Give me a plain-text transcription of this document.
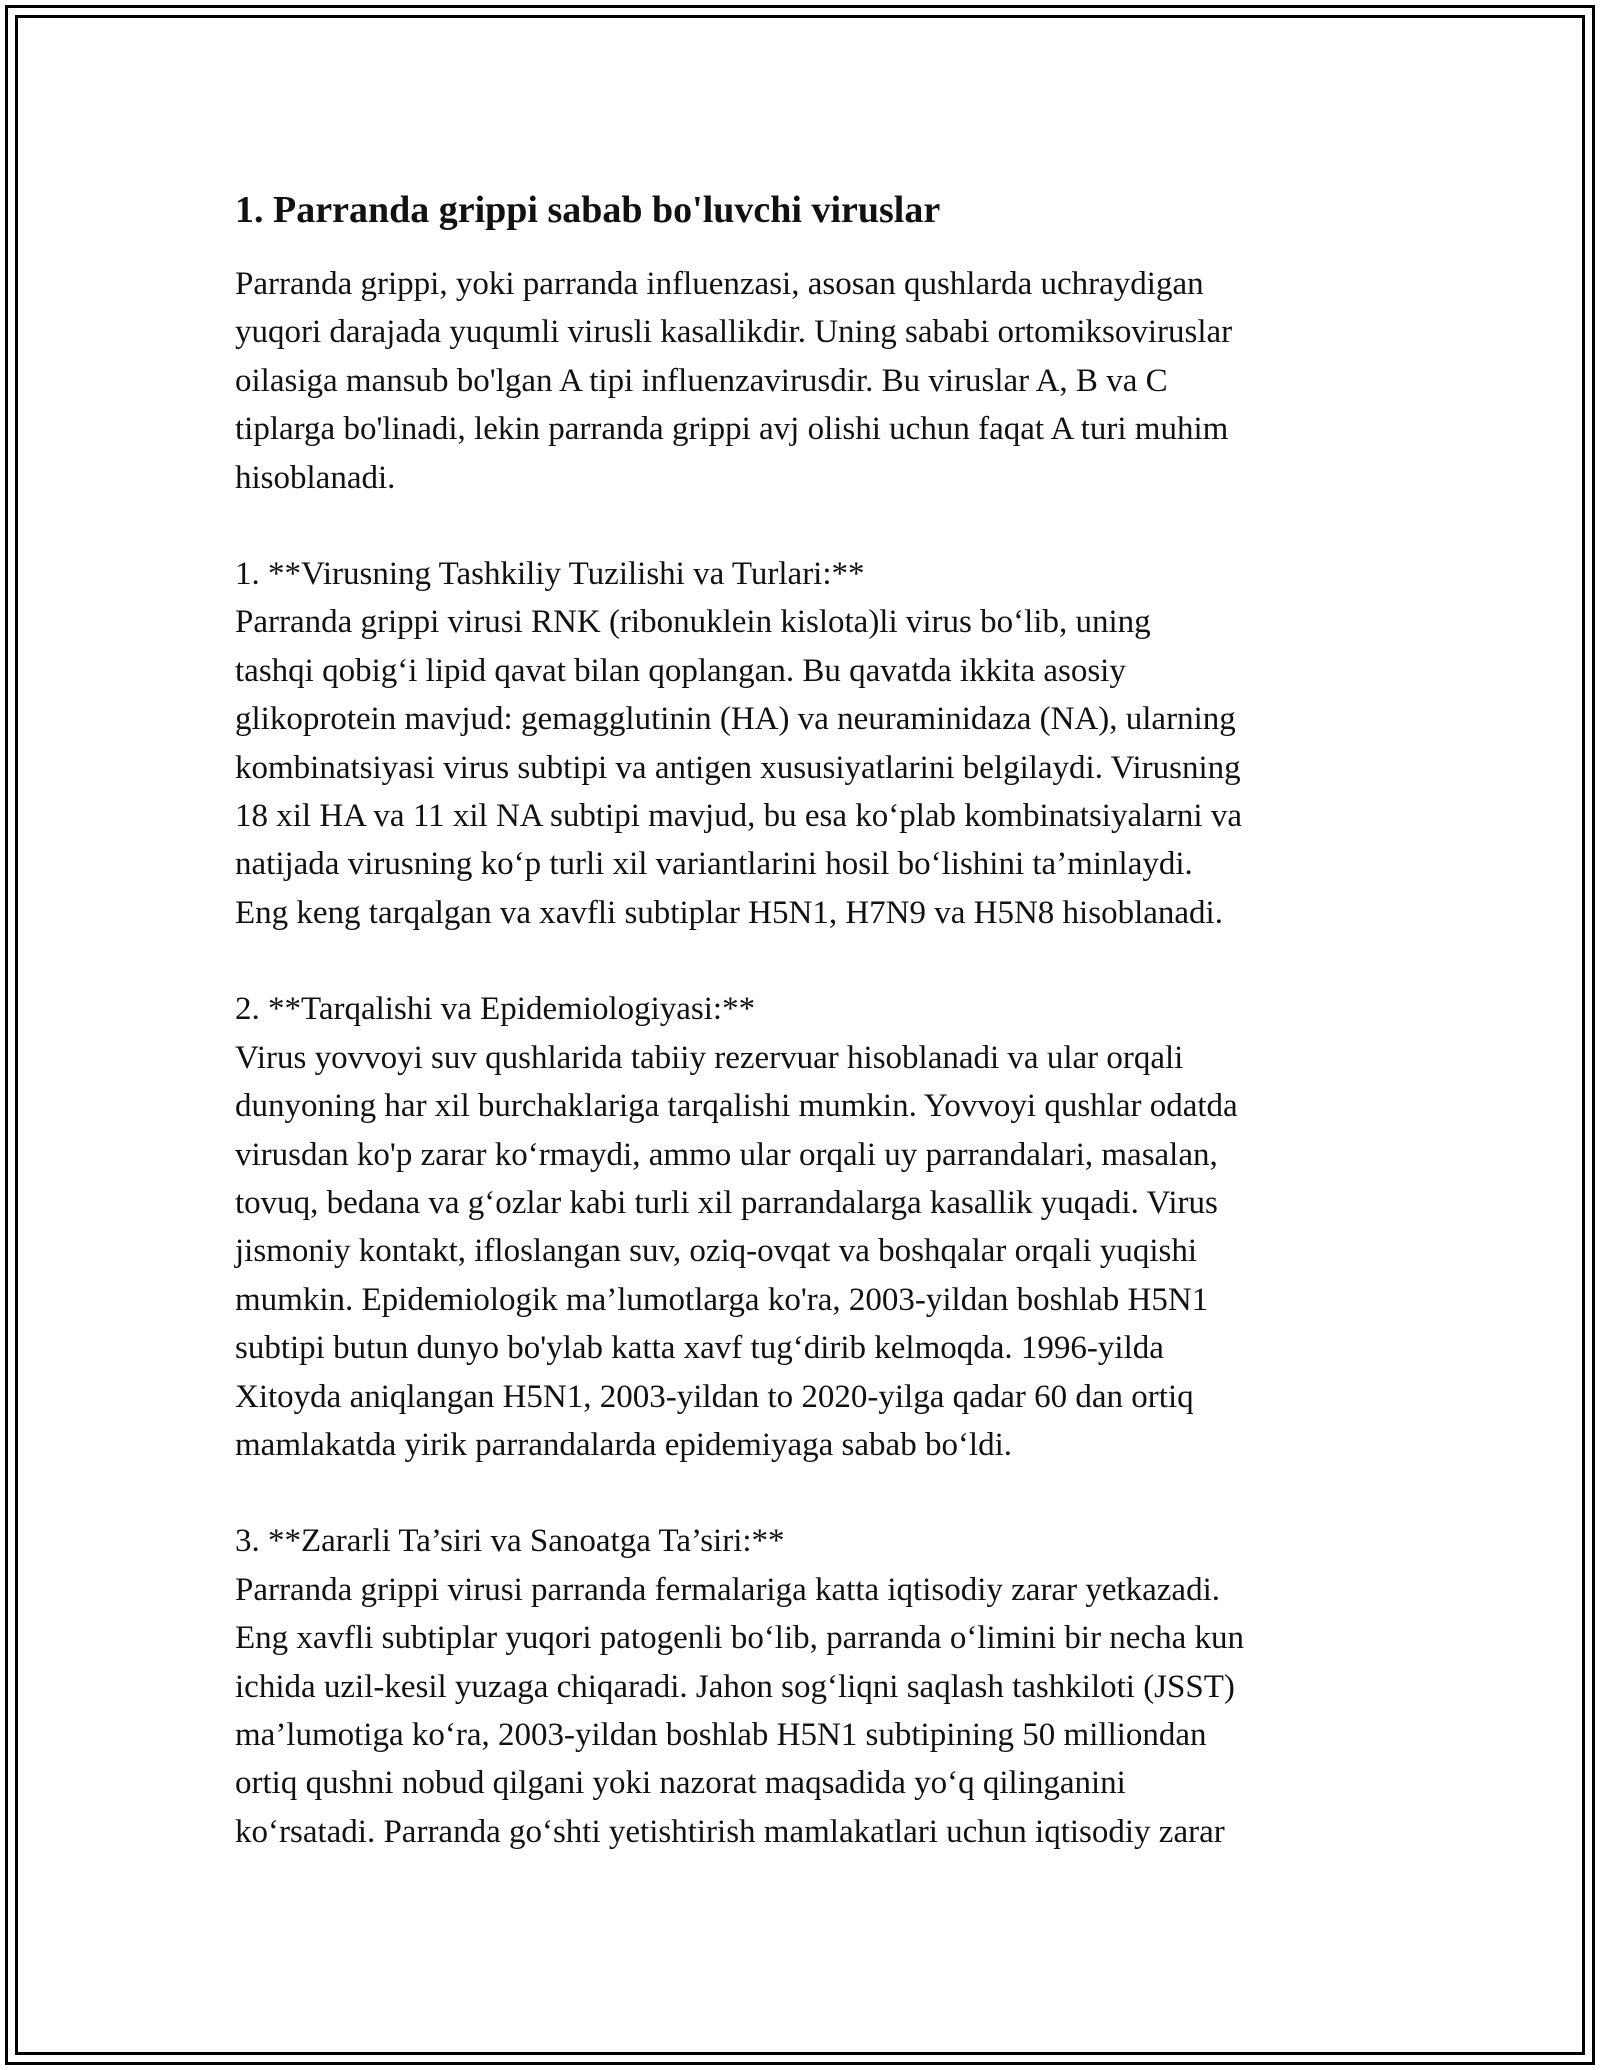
1. Parranda grippi sabab bo'luvchi viruslar

Parranda grippi, yoki parranda influenzasi, asosan qushlarda uchraydigan
yuqori darajada yuqumli virusli kasallikdir. Uning sababi ortomiksoviruslar
oilasiga mansub bo'lgan A tipi influenzavirusdir. Bu viruslar A, B va C
tiplarga bo'linadi, lekin parranda grippi avj olishi uchun faqat A turi muhim
hisoblanadi.

1. **Virusning Tashkiliy Tuzilishi va Turlari:**

Parranda grippi virusi RNK (ribonuklein kislota)li virus bo‘lib, uning
tashqi qobig‘i lipid qavat bilan qoplangan. Bu qavatda ikkita asosiy
glikoprotein mavjud: gemagglutinin (HA) va neuraminidaza (NA), ularning
kombinatsiyasi virus subtipi va antigen xususiyatlarini belgilaydi. Virusning
18 xil HA va 11 xil NA subtipi mavjud, bu esa ko‘plab kombinatsiyalarni va
natijada virusning ko‘p turli xil variantlarini hosil bo‘lishini ta’minlaydi.
Eng keng tarqalgan va xavfli subtiplar H5N1, H7N9 va H5N8 hisoblanadi.

2. **Tarqalishi va Epidemiologiyasi:**

Virus yovvoyi suv qushlarida tabiiy rezervuar hisoblanadi va ular orqali
dunyoning har xil burchaklariga tarqalishi mumkin. Yovvoyi qushlar odatda
virusdan ko'p zarar ko‘rmaydi, ammo ular orqali uy parrandalari, masalan,
tovuq, bedana va g‘ozlar kabi turli xil parrandalarga kasallik yuqadi. Virus
jismoniy kontakt, ifloslangan suv, oziq-ovqat va boshqalar orqali yuqishi
mumkin. Epidemiologik ma’lumotlarga ko'ra, 2003-yildan boshlab H5N1
subtipi butun dunyo bo'ylab katta xavf tug‘dirib kelmoqda. 1996-yilda
Xitoyda aniqlangan H5N1, 2003-yildan to 2020-yilga qadar 60 dan ortiq
mamlakatda yirik parrandalarda epidemiyaga sabab bo‘ldi.

3. **Zararli Ta’siri va Sanoatga Ta’siri:**

Parranda grippi virusi parranda fermalariga katta iqtisodiy zarar yetkazadi.
Eng xavfli subtiplar yuqori patogenli bo‘lib, parranda o‘limini bir necha kun
ichida uzil-kesil yuzaga chiqaradi. Jahon sog‘liqni saqlash tashkiloti (JSST)
ma’lumotiga ko‘ra, 2003-yildan boshlab H5N1 subtipining 50 milliondan
ortiq qushni nobud qilgani yoki nazorat maqsadida yo‘q qilinganini
ko‘rsatadi. Parranda go‘shti yetishtirish mamlakatlari uchun iqtisodiy zarar
